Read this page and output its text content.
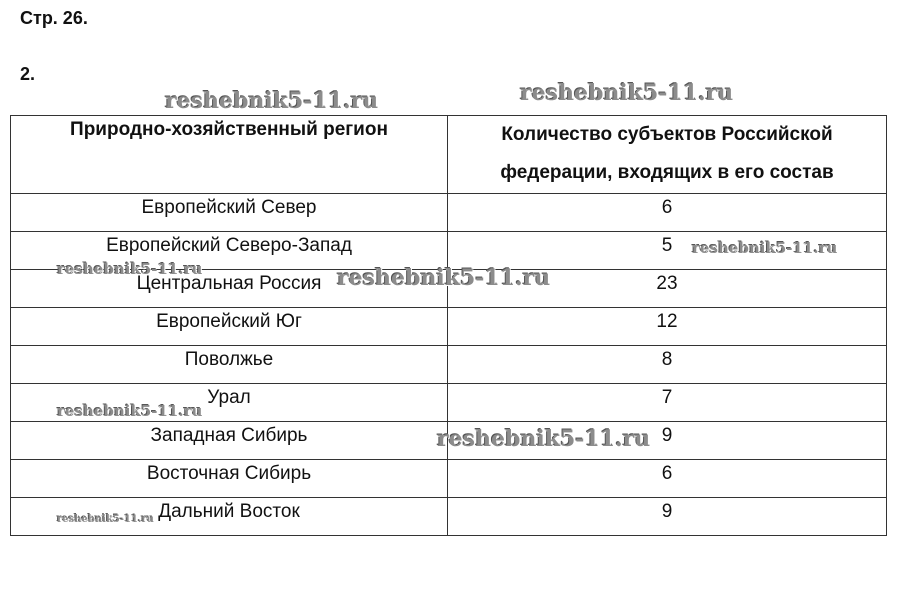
Стр. 26.
2.
Природно-хозяйственный регион	Количество субъектов Российской федерации, входящих в его состав
Европейский Север	6
Европейский Северо-Запад	5
Центральная Россия	23
Европейский Юг	12
Поволжье	8
Урал	7
Западная Сибирь	9
Восточная Сибирь	6
Дальний Восток	9
reshebnik5-11.ru	reshebnik5-11.ru
reshebnik5-11.ru
reshebnik5-11.ru	reshebnik5-11.ru
reshebnik5-11.ru
reshebnik5-11.ru
reshebnik5-11.ru
